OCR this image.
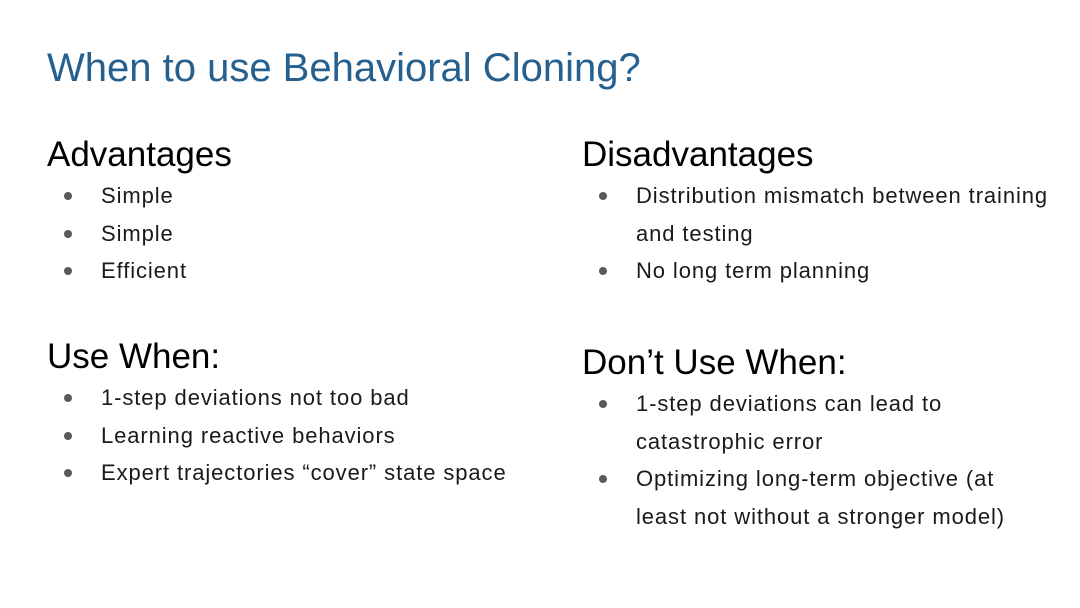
When to use Behavioral Cloning?
Advantages
Simple
Simple
Efficient
Disadvantages
Distribution mismatch between training and testing
No long term planning
Use When:
1-step deviations not too bad
Learning reactive behaviors
Expert trajectories “cover” state space
Don’t Use When:
1-step deviations can lead to catastrophic error
Optimizing long-term objective (at least not without a stronger model)
